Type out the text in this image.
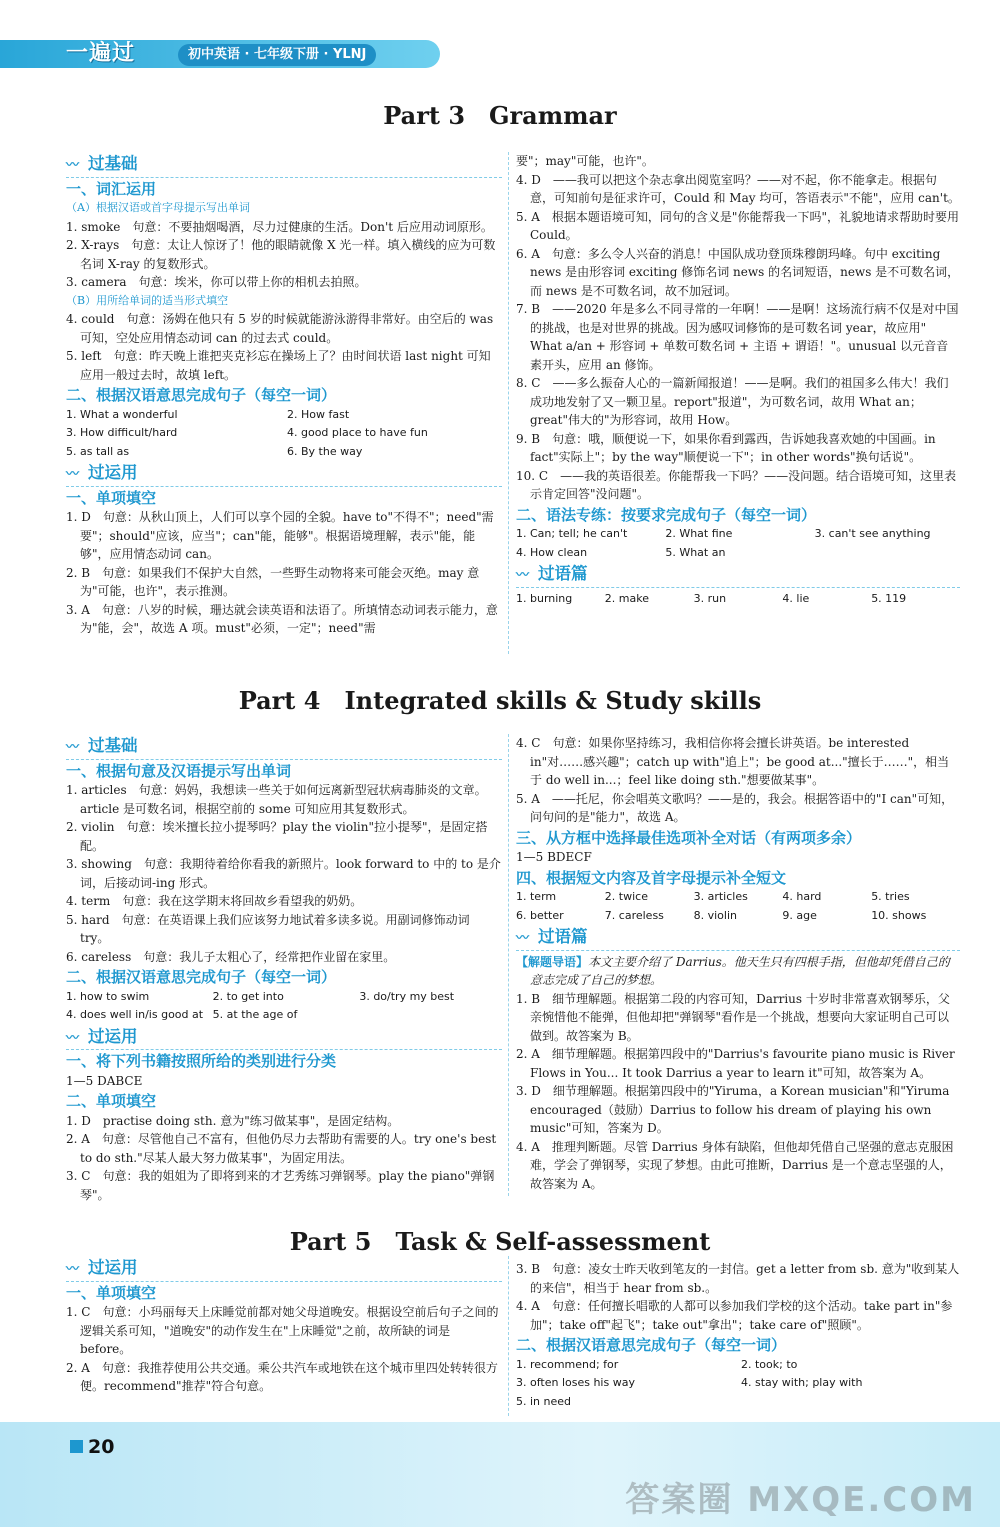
一遍过	初中英语 · 七年级下册 · YLNJ
Part 3　Grammar
〰 过基础
一、词汇运用

（A）根据汉语或首字母提示写出单词

1. smoke　句意：不要抽烟喝酒，尽力过健康的生活。Don't 后应用动词原形。

2. X-rays　句意：太让人惊讶了！他的眼睛就像 X 光一样。填入横线的应为可数名词 X-ray 的复数形式。

3. camera　句意：埃米，你可以带上你的相机去拍照。

（B）用所给单词的适当形式填空

4. could　句意：汤姆在他只有 5 岁的时候就能游泳游得非常好。由空后的 was 可知，空处应用情态动词 can 的过去式 could。

5. left　句意：昨天晚上谁把夹克衫忘在操场上了？由时间状语 last night 可知应用一般过去时，故填 left。

二、根据汉语意思完成句子（每空一词）
1. What a wonderful	2. How fast
3. How difficult/hard	4. good place to have fun
5. as tall as	6. By the way
〰 过运用
一、单项填空

1. D　句意：从秋山顶上，人们可以享个园的全貌。have to"不得不"；need"需要"；should"应该，应当"；can"能，能够"。根据语境理解，表示"能，能够"，应用情态动词 can。

2. B　句意：如果我们不保护大自然，一些野生动物将来可能会灭绝。may 意为"可能，也许"，表示推测。

3. A　句意：八岁的时候，珊达就会读英语和法语了。所填情态动词表示能力，意为"能，会"，故选 A 项。must"必须，一定"；need"需

要"；may"可能，也许"。

4. D　——我可以把这个杂志拿出阅览室吗？——对不起，你不能拿走。根据句意，可知前句是征求许可，Could 和 May 均可，答语表示"不能"，应用 can't。

5. A　根据本题语境可知，同句的含义是"你能帮我一下吗"，礼貌地请求帮助时要用 Could。

6. A　句意：多么令人兴奋的消息！中国队成功登顶珠穆朗玛峰。句中 exciting news 是由形容词 exciting 修饰名词 news 的名词短语，news 是不可数名词，而 news 是不可数名词，故不加冠词。

7. B　——2020 年是多么不同寻常的一年啊！——是啊！这场流行病不仅是对中国的挑战，也是对世界的挑战。因为感叹词修饰的是可数名词 year，故应用" What a/an + 形容词 + 单数可数名词 + 主语 + 谓语！"。unusual 以元音音素开头，应用 an 修饰。

8. C　——多么振奋人心的一篇新闻报道！——是啊。我们的祖国多么伟大！我们成功地发射了又一颗卫星。report"报道"，为可数名词，故用 What an；great"伟大的"为形容词，故用 How。

9. B　句意：哦，顺便说一下，如果你看到露西，告诉她我喜欢她的中国画。in fact"实际上"；by the way"顺便说一下"；in other words"换句话说"。

10. C　——我的英语很差。你能帮我一下吗？——没问题。结合语境可知，这里表示肯定回答"没问题"。

二、语法专练：按要求完成句子（每空一词）
1. Can; tell; he can't	2. What fine	3. can't see anything
4. How clean	5. What an
〰 过语篇
1. burning	2. make	3. run	4. lie	5. 119
Part 4　Integrated skills & Study skills
〰 过基础
一、根据句意及汉语提示写出单词

1. articles　句意：妈妈，我想读一些关于如何远离新型冠状病毒肺炎的文章。article 是可数名词，根据空前的 some 可知应用其复数形式。

2. violin　句意：埃米擅长拉小提琴吗？play the violin"拉小提琴"，是固定搭配。

3. showing　句意：我期待着给你看我的新照片。look forward to 中的 to 是介词，后接动词-ing 形式。

4. term　句意：我在这学期末将回故乡看望我的奶奶。

5. hard　句意：在英语课上我们应该努力地试着多读多说。用副词修饰动词 try。

6. careless　句意：我儿子太粗心了，经常把作业留在家里。

二、根据汉语意思完成句子（每空一词）
1. how to swim	2. to get into	3. do/try my best
4. does well in/is good at 5. at the age of
〰 过运用
一、将下列书籍按照所给的类别进行分类

1—5 DABCE

二、单项填空

1. D　practise doing sth. 意为"练习做某事"，是固定结构。

2. A　句意：尽管他自己不富有，但他仍尽力去帮助有需要的人。try one's best to do sth."尽某人最大努力做某事"，为固定用法。

3. C　句意：我的姐姐为了即将到来的才艺秀练习弹钢琴。play the piano"弹钢琴"。

4. C　句意：如果你坚持练习，我相信你将会擅长讲英语。be interested in"对……感兴趣"；catch up with"追上"；be good at..."擅长于……"，相当于 do well in...；feel like doing sth."想要做某事"。

5. A　——托尼，你会唱英文歌吗？——是的，我会。根据答语中的"I can"可知，问句问的是"能力"，故选 A。

三、从方框中选择最佳选项补全对话（有两项多余）

1—5 BDECF

四、根据短文内容及首字母提示补全短文
1. term	2. twice	3. articles	4. hard	5. tries
6. better	7. careless	8. violin	9. age	10. shows
〰 过语篇

【解题导语】本文主要介绍了 Darrius。他天生只有四根手指，但他却凭借自己的意志完成了自己的梦想。

1. B　细节理解题。根据第二段的内容可知，Darrius 十岁时非常喜欢钢琴乐，父亲惋惜他不能弹，但他却把"弹钢琴"看作是一个挑战，想要向大家证明自己可以做到。故答案为 B。

2. A　细节理解题。根据第四段中的"Darrius's favourite piano music is River Flows in You... It took Darrius a year to learn it"可知，故答案为 A。

3. D　细节理解题。根据第四段中的"Yiruma，a Korean musician"和"Yiruma encouraged（鼓励）Darrius to follow his dream of playing his own music"可知，答案为 D。

4. A　推理判断题。尽管 Darrius 身体有缺陷，但他却凭借自己坚强的意志克服困难，学会了弹钢琴，实现了梦想。由此可推断，Darrius 是一个意志坚强的人，故答案为 A。

Part 5　Task & Self-assessment
〰 过运用
一、单项填空

1. C　句意：小玛丽每天上床睡觉前都对她父母道晚安。根据设空前后句子之间的逻辑关系可知，"道晚安"的动作发生在"上床睡觉"之前，故所缺的词是 before。

2. A　句意：我推荐使用公共交通。乘公共汽车或地铁在这个城市里四处转转很方便。recommend"推荐"符合句意。

3. B　句意：凌女士昨天收到笔友的一封信。get a letter from sb. 意为"收到某人的来信"，相当于 hear from sb.。

4. A　句意：任何擅长唱歌的人都可以参加我们学校的这个活动。take part in"参加"；take off"起飞"；take out"拿出"；take care of"照顾"。

二、根据汉语意思完成句子（每空一词）
1. recommend; for	2. took; to
3. often loses his way	4. stay with; play with
5. in need
20
答案圈 MXQE.COM
